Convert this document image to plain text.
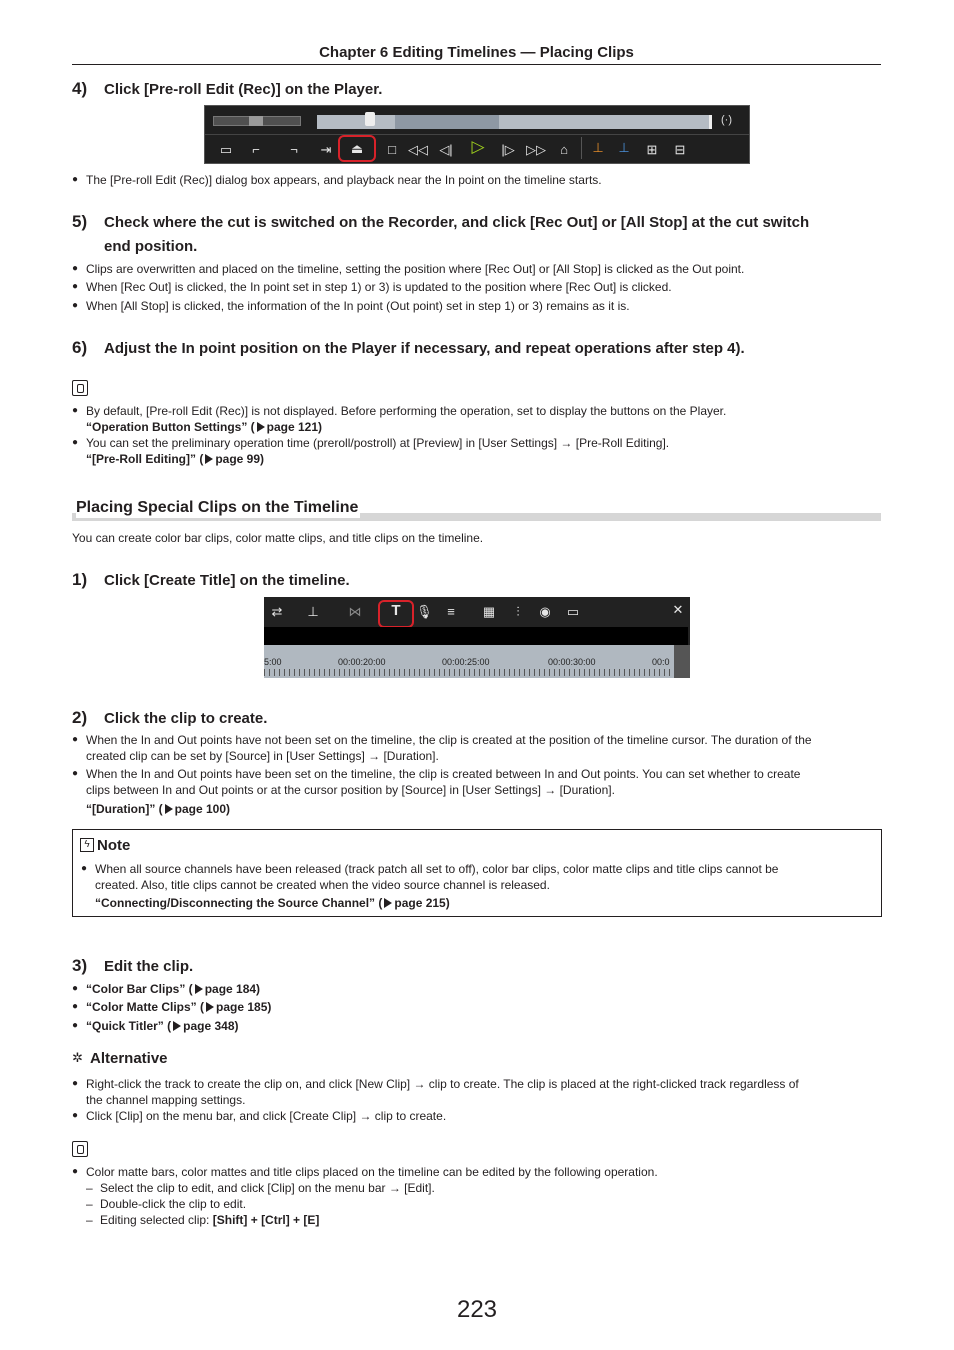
Chapter 6 Editing Timelines — Placing Clips
4) Click [Pre-roll Edit (Rec)] on the Player.
(·)
▭	⌐	¬	⇥	⏏	□ ◁◁ ◁| ▷	|▷ ▷▷	⌂	⊥ ⊥	⊞	⊟
● The [Pre-roll Edit (Rec)] dialog box appears, and playback near the In point on the timeline starts.
5) Check where the cut is switched on the Recorder, and click [Rec Out] or [All Stop] at the cut switch
end position.
● Clips are overwritten and placed on the timeline, setting the position where [Rec Out] or [All Stop] is clicked as the Out point.
● When [Rec Out] is clicked, the In point set in step 1) or 3) is updated to the position where [Rec Out] is clicked.
● When [All Stop] is clicked, the information of the In point (Out point) set in step 1) or 3) remains as it is.
6) Adjust the In point position on the Player if necessary, and repeat operations after step 4).
● By default, [Pre-roll Edit (Rec)] is not displayed. Before performing the operation, set to display the buttons on the Player.
“Operation Button Settings” ( page 121)
● You can set the preliminary operation time (preroll/postroll) at [Preview] in [User Settings] → [Pre-Roll Editing].
“[Pre-Roll Editing]” ( page 99)
Placing Special Clips on the Timeline
You can create color bar clips, color matte clips, and title clips on the timeline.
1) Click [Create Title] on the timeline.
⇄ ⊥	⋈	T	🎙	≡	▦	⫶	◉	▭	✕
5:00	00:00:20:00	00:00:25:00	00:00:30:00	00:0
2) Click the clip to create.
● When the In and Out points have not been set on the timeline, the clip is created at the position of the timeline cursor. The duration of the
created clip can be set by [Source] in [User Settings] → [Duration].
● When the In and Out points have been set on the timeline, the clip is created between In and Out points. You can set whether to create
clips between In and Out points or at the cursor position by [Source] in [User Settings] → [Duration].
“[Duration]” ( page 100)
ϟ Note
● When all source channels have been released (track patch all set to off), color bar clips, color matte clips and title clips cannot be
created. Also, title clips cannot be created when the video source channel is released.
“Connecting/Disconnecting the Source Channel” ( page 215)
3) Edit the clip.
● “Color Bar Clips” ( page 184)
● “Color Matte Clips” ( page 185)
● “Quick Titler” ( page 348)
✲ Alternative
● Right-click the track to create the clip on, and click [New Clip] → clip to create. The clip is placed at the right-clicked track regardless of
the channel mapping settings.
● Click [Clip] on the menu bar, and click [Create Clip] → clip to create.
● Color matte bars, color mattes and title clips placed on the timeline can be edited by the following operation.
– Select the clip to edit, and click [Clip] on the menu bar → [Edit].
– Double-click the clip to edit.
– Editing selected clip: [Shift] + [Ctrl] + [E]
223
